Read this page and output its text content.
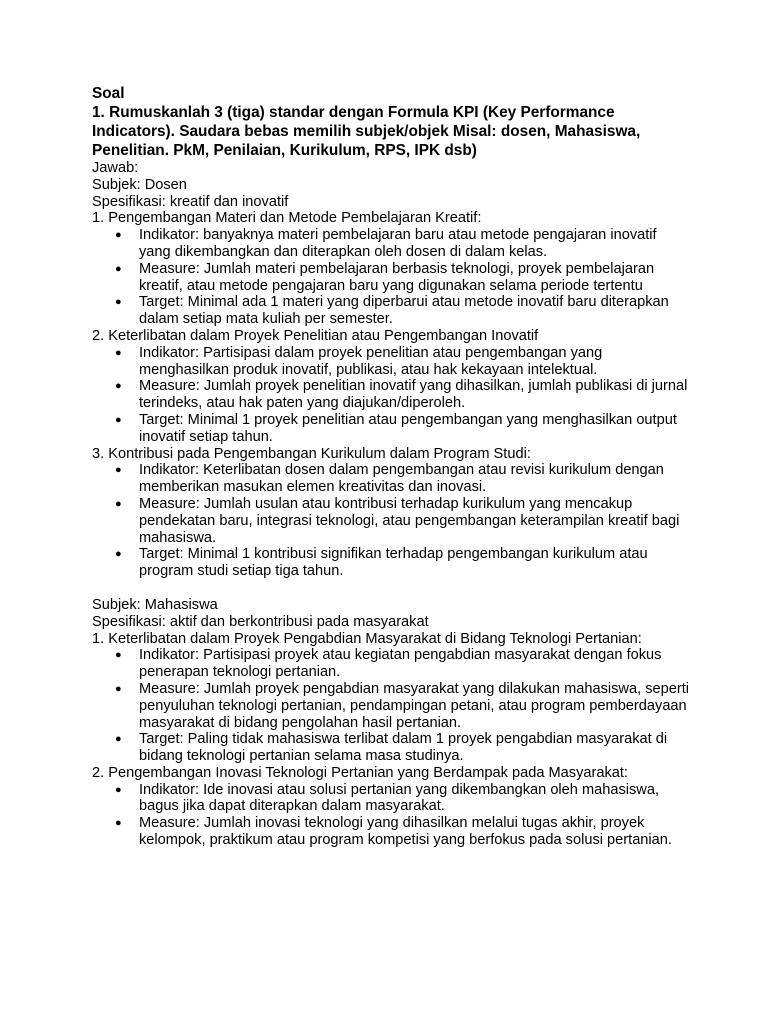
Soal

1. Rumuskanlah 3 (tiga) standar dengan Formula KPI (Key Performance Indicators). Saudara bebas memilih subjek/objek Misal: dosen, Mahasiswa, Penelitian. PkM, Penilaian, Kurikulum, RPS, IPK dsb)

Jawab:

Subjek: Dosen

Spesifikasi: kreatif dan inovatif

1. Pengembangan Materi dan Metode Pembelajaran Kreatif:

● Indikator: banyaknya materi pembelajaran baru atau metode pengajaran inovatif yang dikembangkan dan diterapkan oleh dosen di dalam kelas.
● Measure: Jumlah materi pembelajaran berbasis teknologi, proyek pembelajaran kreatif, atau metode pengajaran baru yang digunakan selama periode tertentu
● Target: Minimal ada 1 materi yang diperbarui atau metode inovatif baru diterapkan dalam setiap mata kuliah per semester.

2. Keterlibatan dalam Proyek Penelitian atau Pengembangan Inovatif

● Indikator: Partisipasi dalam proyek penelitian atau pengembangan yang menghasilkan produk inovatif, publikasi, atau hak kekayaan intelektual.
● Measure: Jumlah proyek penelitian inovatif yang dihasilkan, jumlah publikasi di jurnal terindeks, atau hak paten yang diajukan/diperoleh.
● Target: Minimal 1 proyek penelitian atau pengembangan yang menghasilkan output inovatif setiap tahun.

3. Kontribusi pada Pengembangan Kurikulum dalam Program Studi:

● Indikator: Keterlibatan dosen dalam pengembangan atau revisi kurikulum dengan memberikan masukan elemen kreativitas dan inovasi.
● Measure: Jumlah usulan atau kontribusi terhadap kurikulum yang mencakup pendekatan baru, integrasi teknologi, atau pengembangan keterampilan kreatif bagi mahasiswa.
● Target: Minimal 1 kontribusi signifikan terhadap pengembangan kurikulum atau program studi setiap tiga tahun.

Subjek: Mahasiswa

Spesifikasi: aktif dan berkontribusi pada masyarakat

1. Keterlibatan dalam Proyek Pengabdian Masyarakat di Bidang Teknologi Pertanian:

● Indikator: Partisipasi proyek atau kegiatan pengabdian masyarakat dengan fokus penerapan teknologi pertanian.
● Measure: Jumlah proyek pengabdian masyarakat yang dilakukan mahasiswa, seperti penyuluhan teknologi pertanian, pendampingan petani, atau program pemberdayaan masyarakat di bidang pengolahan hasil pertanian.
● Target: Paling tidak mahasiswa terlibat dalam 1 proyek pengabdian masyarakat di bidang teknologi pertanian selama masa studinya.

2. Pengembangan Inovasi Teknologi Pertanian yang Berdampak pada Masyarakat:

● Indikator: Ide inovasi atau solusi pertanian yang dikembangkan oleh mahasiswa, bagus jika dapat diterapkan dalam masyarakat.
● Measure: Jumlah inovasi teknologi yang dihasilkan melalui tugas akhir, proyek kelompok, praktikum atau program kompetisi yang berfokus pada solusi pertanian.
